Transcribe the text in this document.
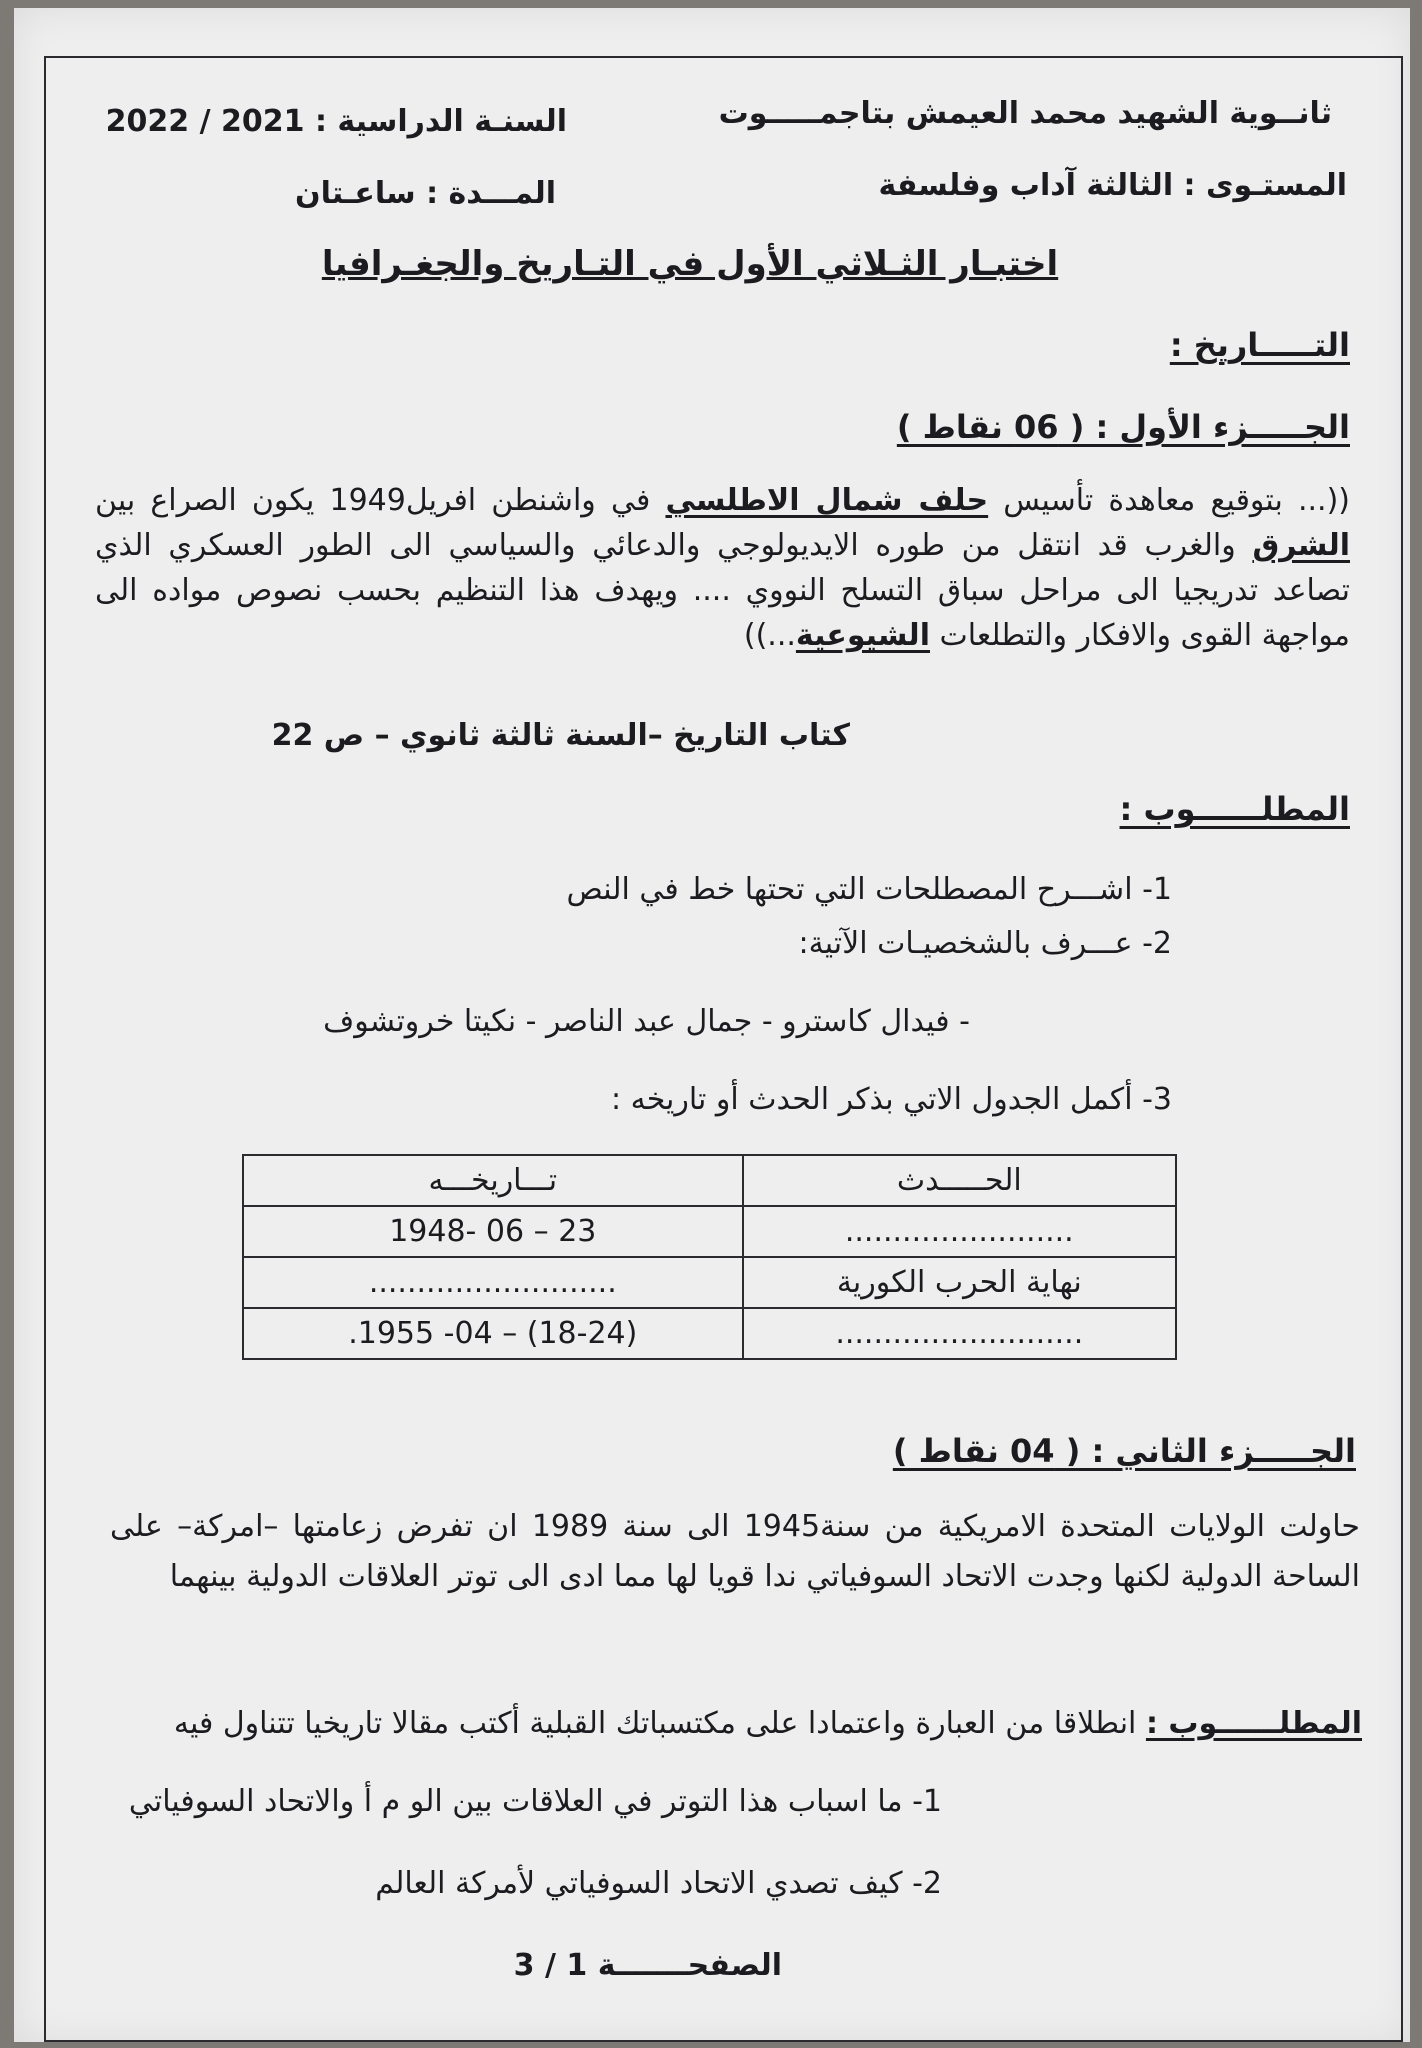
ثانــوية الشهيد محمد العيمش بتاجمـــــوت
السنـة الدراسية : 2021 / 2022
المستـوى : الثالثة آداب وفلسفة
المـــدة : ساعـتان
اختبـار الثـلاثي الأول في التـاريخ والجغـرافيا
التـــــاريخ :
الجـــــزء الأول : ( 06 نقاط )
((... بتوقيع معاهدة تأسيس حلف شمال الاطلسي في واشنطن افريل1949 يكون الصراع بين الشرق والغرب قد انتقل من طوره الايديولوجي والدعائي والسياسي الى الطور العسكري الذي تصاعد تدريجيا الى مراحل سباق التسلح النووي .... ويهدف هذا التنظيم بحسب نصوص مواده الى مواجهة القوى والافكار والتطلعات الشيوعية...))
كتاب التاريخ –السنة ثالثة ثانوي – ص 22
المطلــــــوب :
1- اشـــرح المصطلحات التي تحتها خط في النص
2- عـــرف بالشخصيـات الآتية:
- فيدال كاسترو - جمال عبد الناصر - نكيتا خروتشوف
3- أكمل الجدول الاتي بذكر الحدث أو تاريخه :
الحـــــدث	تـــاريخـــه
........................	23 – 06 -1948
نهاية الحرب الكورية	..........................
..........................	(18-24) – 04- 1955.
الجـــــزء الثاني : ( 04 نقاط )
حاولت الولايات المتحدة الامريكية من سنة1945 الى سنة 1989 ان تفرض زعامتها –امركة– على الساحة الدولية لكنها وجدت الاتحاد السوفياتي ندا قويا لها مما ادى الى توتر العلاقات الدولية بينهما
المطلــــــوب : انطلاقا من العبارة واعتمادا على مكتسباتك القبلية أكتب مقالا تاريخيا تتناول فيه
1- ما اسباب هذا التوتر في العلاقات بين الو م أ والاتحاد السوفياتي
2- كيف تصدي الاتحاد السوفياتي لأمركة العالم
الصفحـــــــة 1 / 3
